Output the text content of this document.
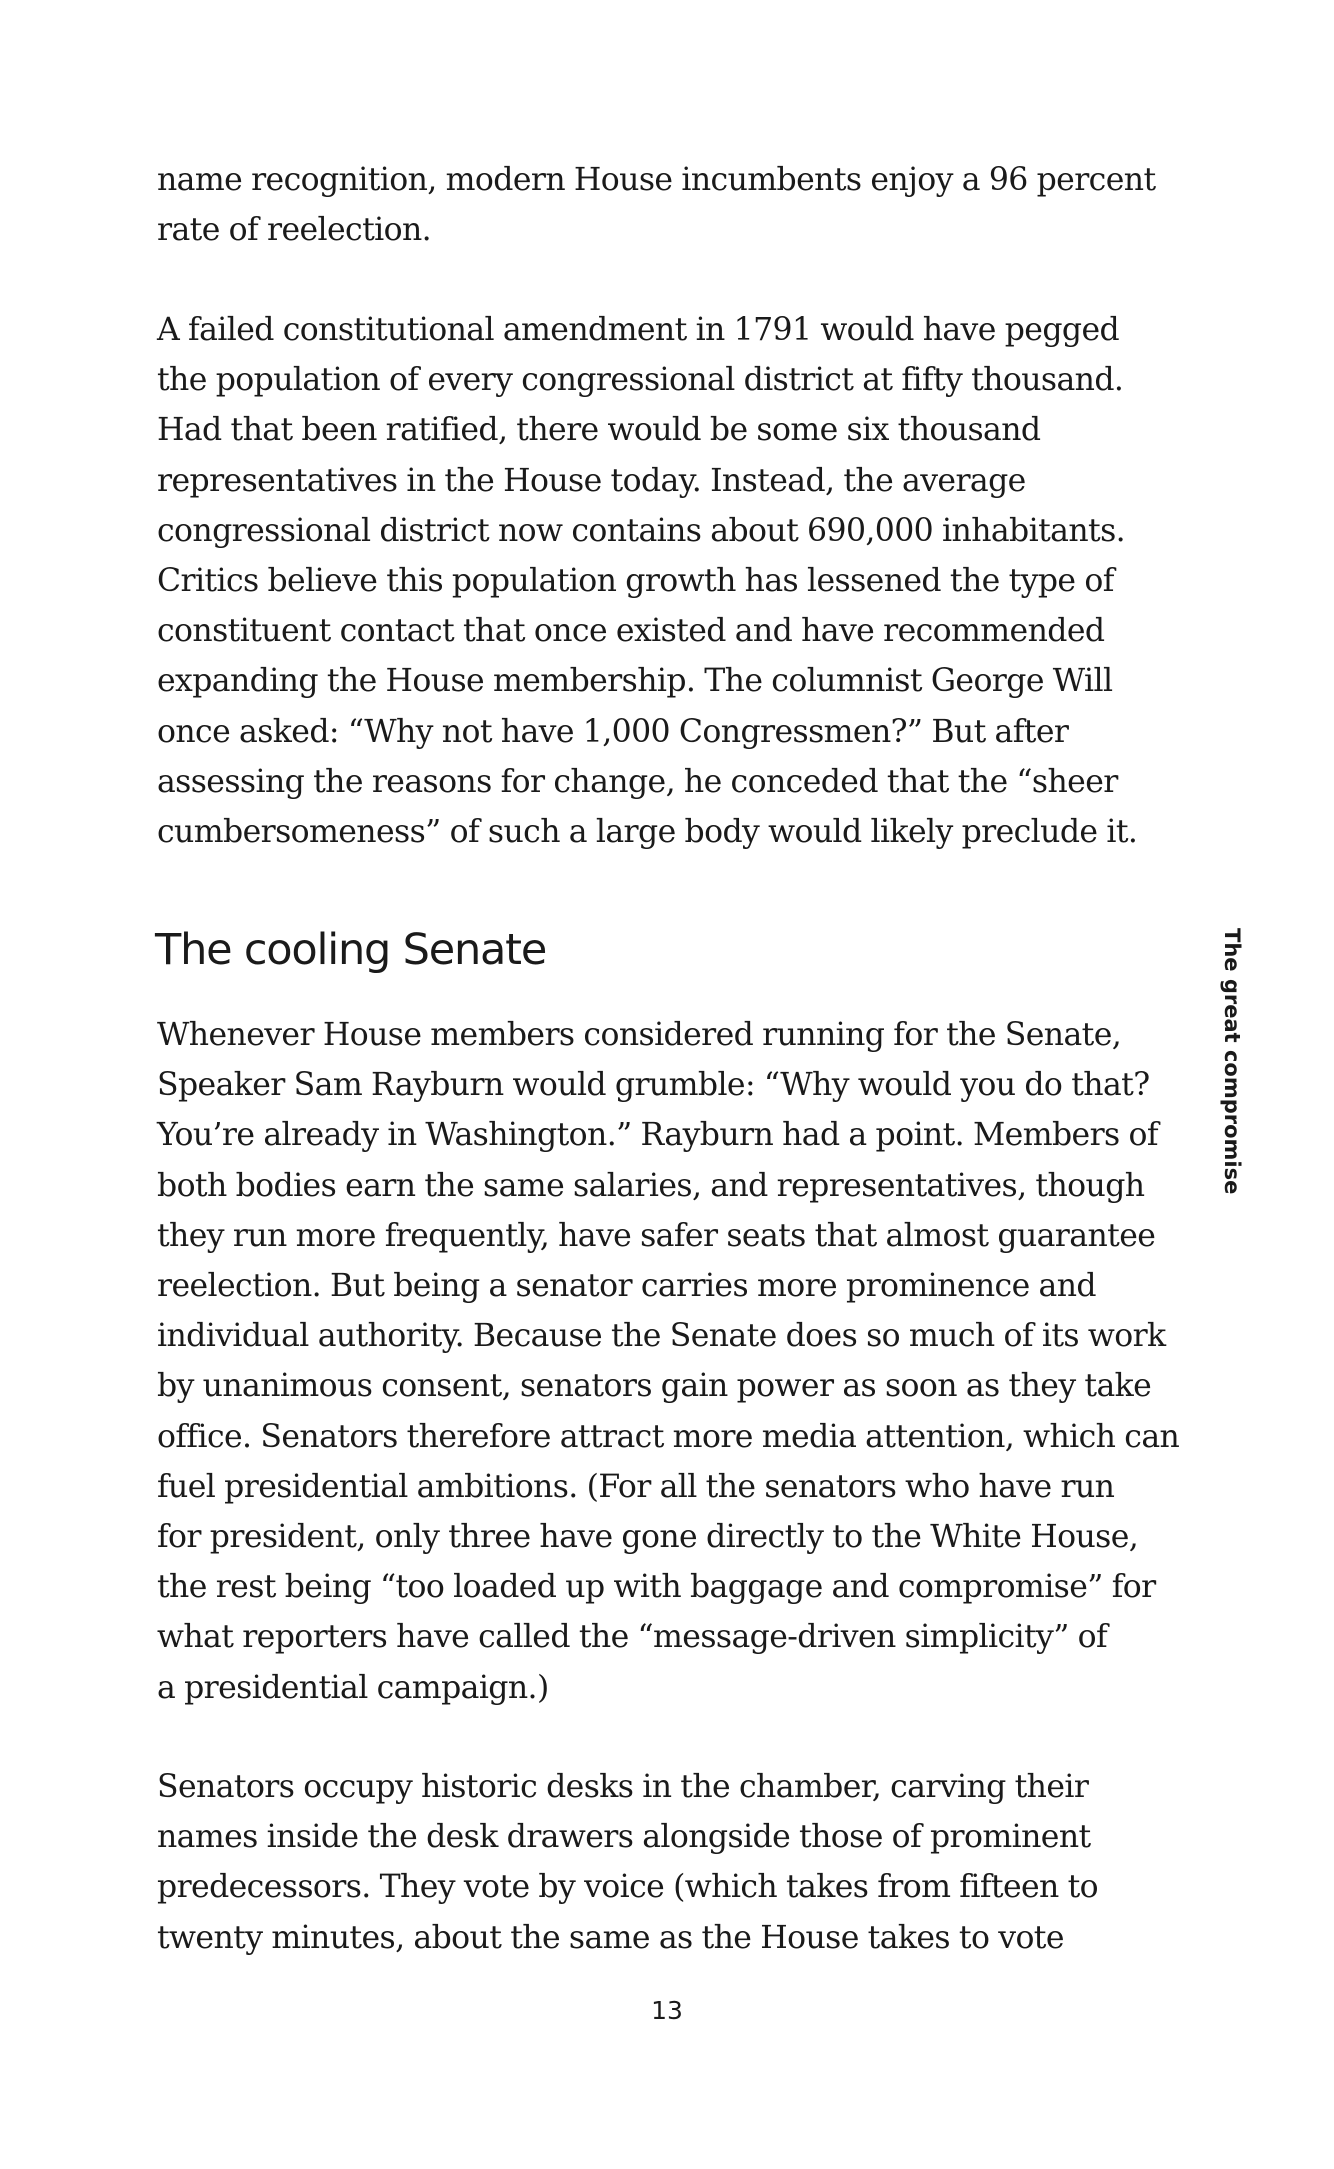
name recognition, modern House incumbents enjoy a 96 percent
rate of reelection.
A failed constitutional amendment in 1791 would have pegged
the population of every congressional district at fifty thousand.
Had that been ratified, there would be some six thousand
representatives in the House today. Instead, the average
congressional district now contains about 690,000 inhabitants.
Critics believe this population growth has lessened the type of
constituent contact that once existed and have recommended
expanding the House membership. The columnist George Will
once asked: “Why not have 1,000 Congressmen?” But after
assessing the reasons for change, he conceded that the “sheer
cumbersomeness” of such a large body would likely preclude it.
The cooling Senate	The great compromise
Whenever House members considered running for the Senate,
Speaker Sam Rayburn would grumble: “Why would you do that?
You’re already in Washington.” Rayburn had a point. Members of
both bodies earn the same salaries, and representatives, though
they run more frequently, have safer seats that almost guarantee
reelection. But being a senator carries more prominence and
individual authority. Because the Senate does so much of its work
by unanimous consent, senators gain power as soon as they take
office. Senators therefore attract more media attention, which can
fuel presidential ambitions. (For all the senators who have run
for president, only three have gone directly to the White House,
the rest being “too loaded up with baggage and compromise” for
what reporters have called the “message-driven simplicity” of
a presidential campaign.)
Senators occupy historic desks in the chamber, carving their
names inside the desk drawers alongside those of prominent
predecessors. They vote by voice (which takes from fifteen to
twenty minutes, about the same as the House takes to vote
13
